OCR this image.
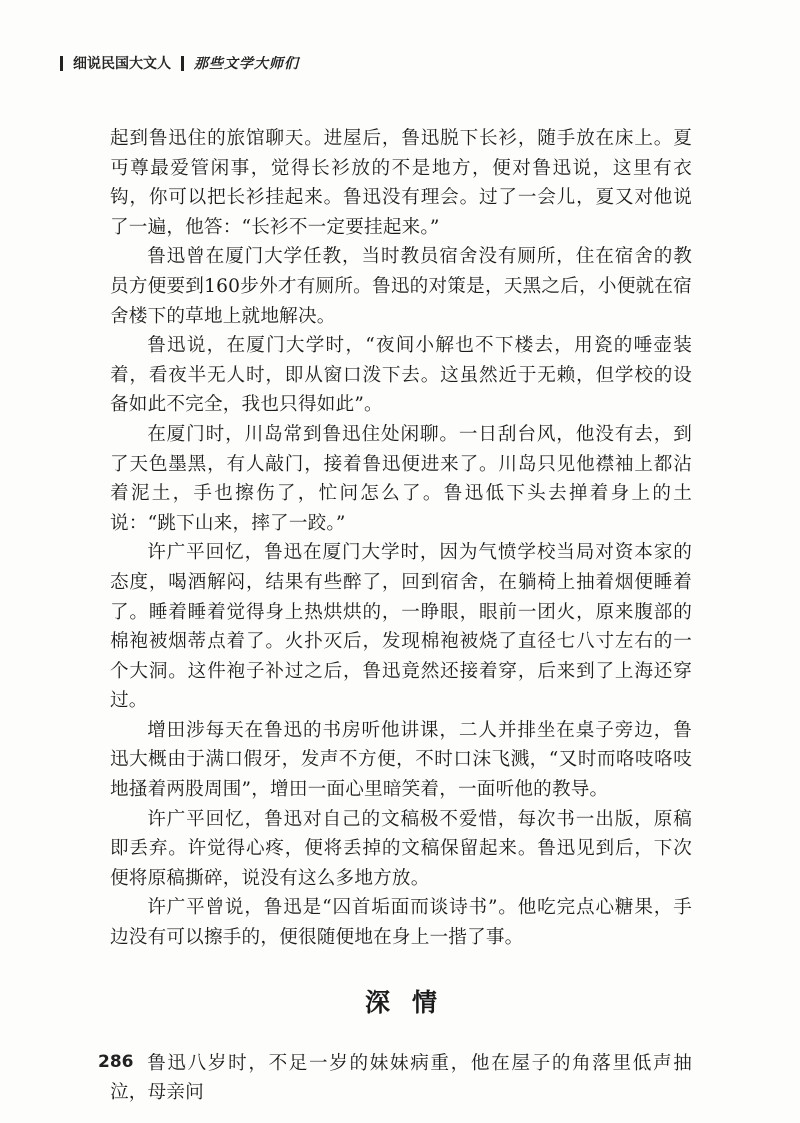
细说民国大文人 那些文学大师们

起到鲁迅住的旅馆聊天。进屋后，鲁迅脱下长衫，随手放在床上。夏丏尊最爱管闲事，觉得长衫放的不是地方，便对鲁迅说，这里有衣钩，你可以把长衫挂起来。鲁迅没有理会。过了一会儿，夏又对他说了一遍，他答：“长衫不一定要挂起来。”

鲁迅曾在厦门大学任教，当时教员宿舍没有厕所，住在宿舍的教员方便要到160步外才有厕所。鲁迅的对策是，天黑之后，小便就在宿舍楼下的草地上就地解决。

鲁迅说，在厦门大学时，“夜间小解也不下楼去，用瓷的唾壶装着，看夜半无人时，即从窗口泼下去。这虽然近于无赖，但学校的设备如此不完全，我也只得如此”。

在厦门时，川岛常到鲁迅住处闲聊。一日刮台风，他没有去，到了天色墨黑，有人敲门，接着鲁迅便进来了。川岛只见他襟袖上都沾着泥土，手也擦伤了，忙问怎么了。鲁迅低下头去掸着身上的土说：“跳下山来，摔了一跤。”

许广平回忆，鲁迅在厦门大学时，因为气愤学校当局对资本家的态度，喝酒解闷，结果有些醉了，回到宿舍，在躺椅上抽着烟便睡着了。睡着睡着觉得身上热烘烘的，一睁眼，眼前一团火，原来腹部的棉袍被烟蒂点着了。火扑灭后，发现棉袍被烧了直径七八寸左右的一个大洞。这件袍子补过之后，鲁迅竟然还接着穿，后来到了上海还穿过。

增田涉每天在鲁迅的书房听他讲课，二人并排坐在桌子旁边，鲁迅大概由于满口假牙，发声不方便，不时口沫飞溅，“又时而咯吱咯吱地搔着两股周围”，增田一面心里暗笑着，一面听他的教导。

许广平回忆，鲁迅对自己的文稿极不爱惜，每次书一出版，原稿即丢弃。许觉得心疼，便将丢掉的文稿保留起来。鲁迅见到后，下次便将原稿撕碎，说没有这么多地方放。

许广平曾说，鲁迅是“囚首垢面而谈诗书”。他吃完点心糖果，手边没有可以擦手的，便很随便地在身上一揩了事。

深情

鲁迅八岁时，不足一岁的妹妹病重，他在屋子的角落里低声抽泣，母亲问

286
